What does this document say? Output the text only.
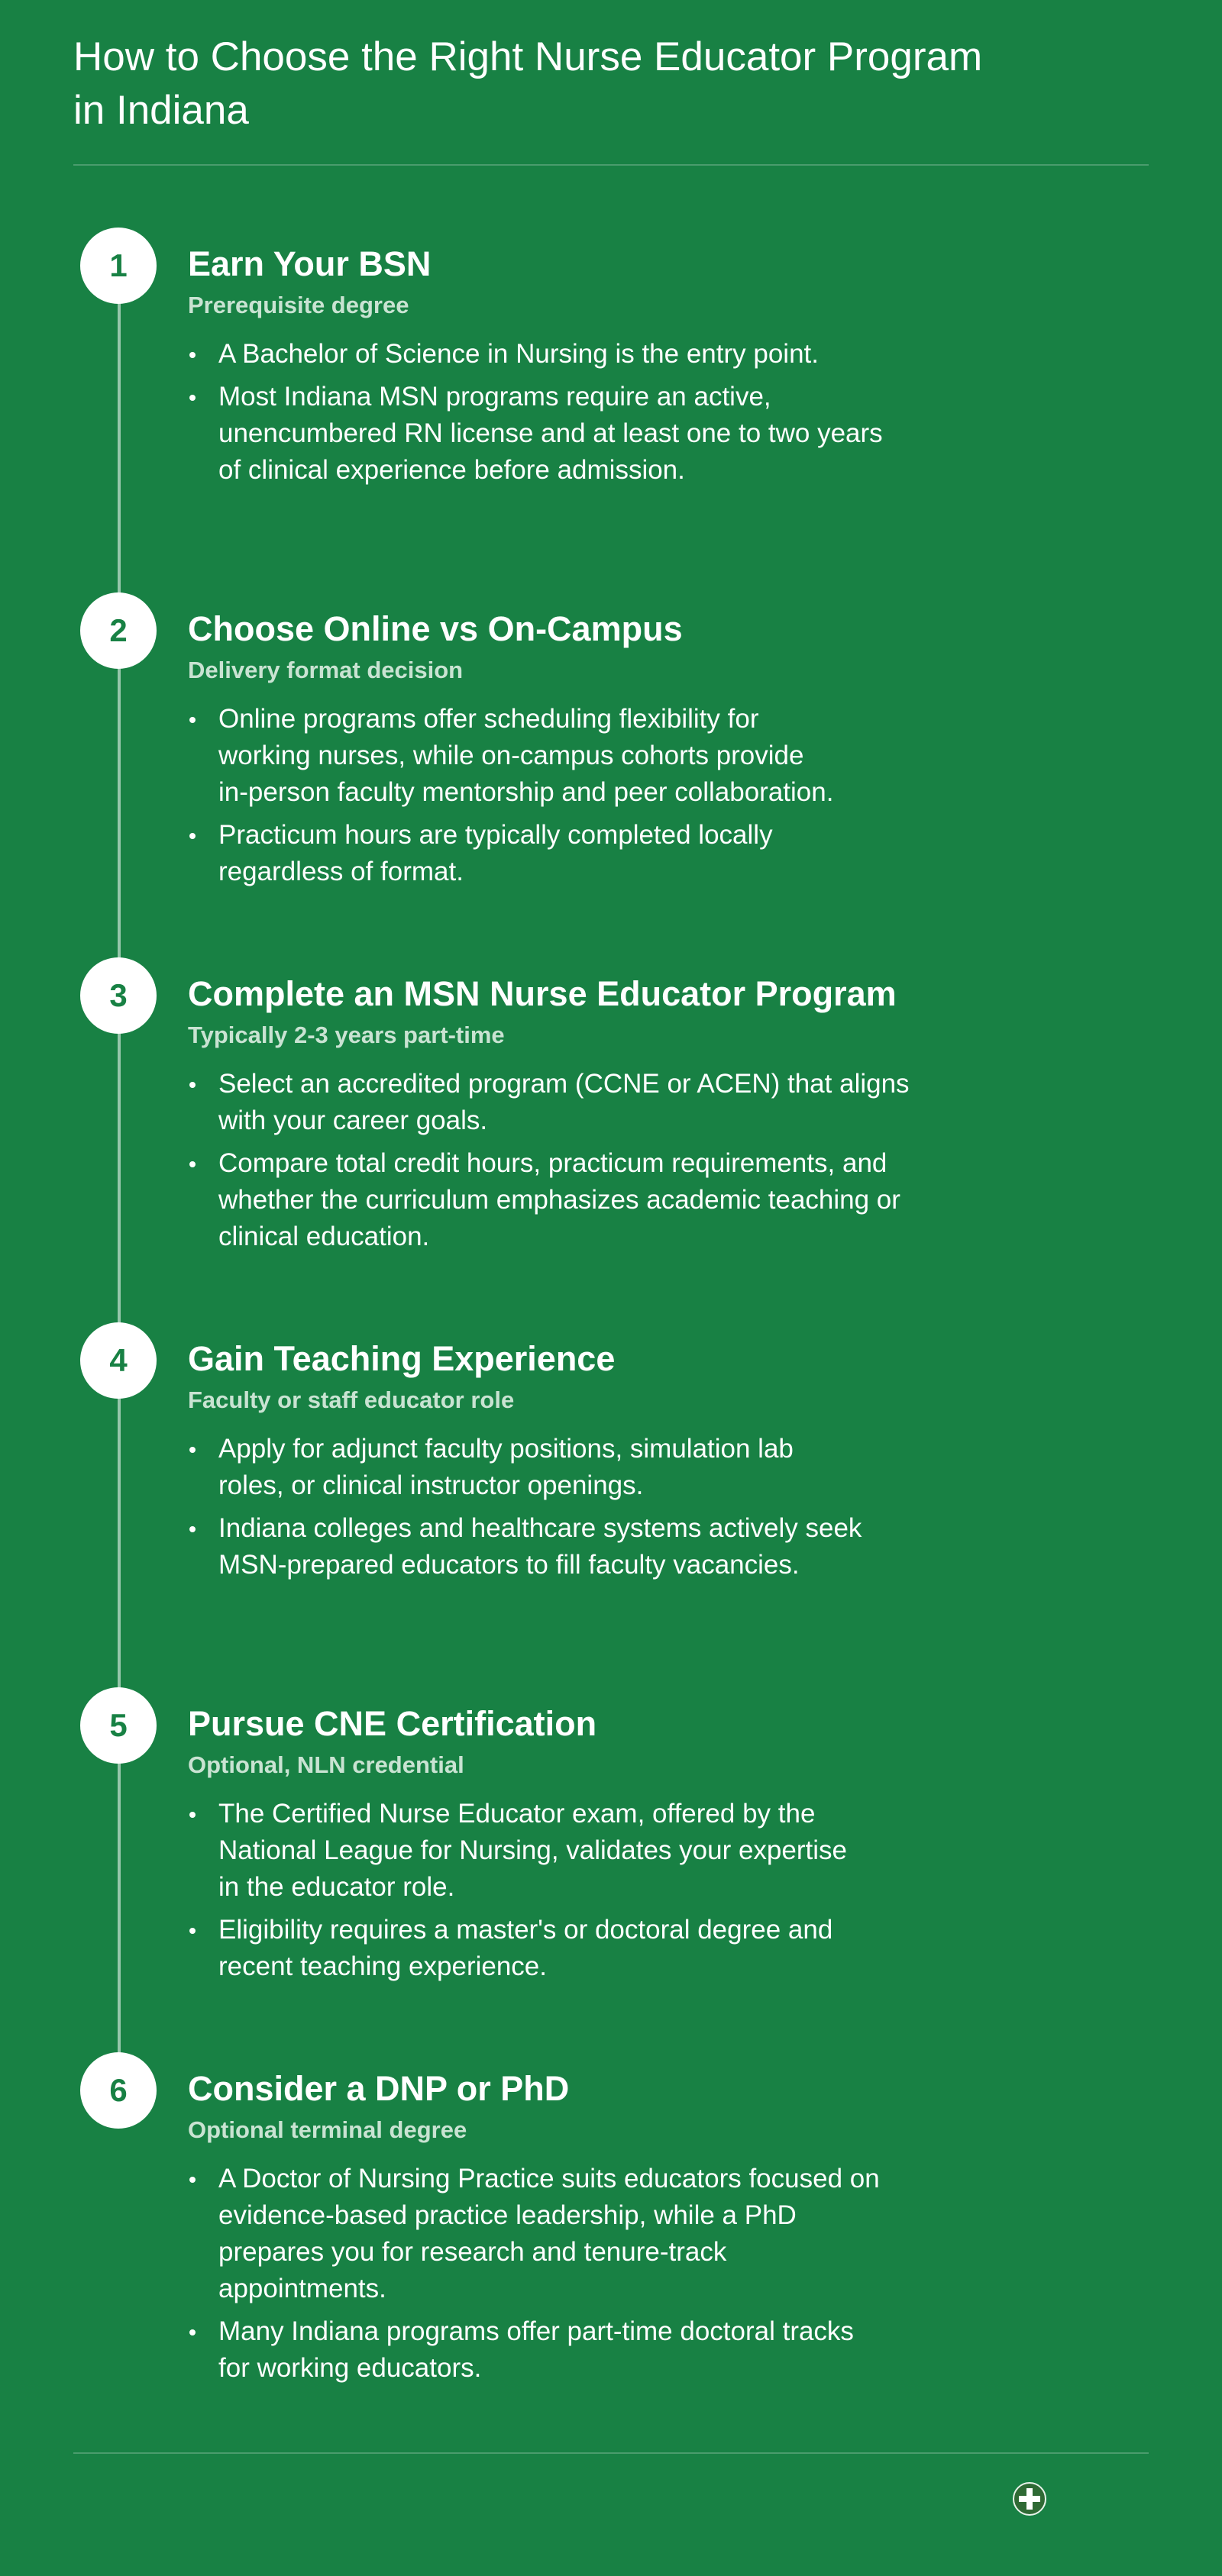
How to Choose the Right Nurse Educator Program
in Indiana
1	Earn Your BSN
Prerequisite degree
A Bachelor of Science in Nursing is the entry point.
Most Indiana MSN programs require an active,
unencumbered RN license and at least one to two years
of clinical experience before admission.
2	Choose Online vs On-Campus
Delivery format decision
Online programs offer scheduling flexibility for
working nurses, while on-campus cohorts provide
in-person faculty mentorship and peer collaboration.
Practicum hours are typically completed locally
regardless of format.
3	Complete an MSN Nurse Educator Program
Typically 2-3 years part-time
Select an accredited program (CCNE or ACEN) that aligns
with your career goals.
Compare total credit hours, practicum requirements, and
whether the curriculum emphasizes academic teaching or
clinical education.
4	Gain Teaching Experience
Faculty or staff educator role
Apply for adjunct faculty positions, simulation lab
roles, or clinical instructor openings.
Indiana colleges and healthcare systems actively seek
MSN-prepared educators to fill faculty vacancies.
5	Pursue CNE Certification
Optional, NLN credential
The Certified Nurse Educator exam, offered by the
National League for Nursing, validates your expertise
in the educator role.
Eligibility requires a master's or doctoral degree and
recent teaching experience.
6	Consider a DNP or PhD
Optional terminal degree
A Doctor of Nursing Practice suits educators focused on
evidence-based practice leadership, while a PhD
prepares you for research and tenure-track
appointments.
Many Indiana programs offer part-time doctoral tracks
for working educators.
